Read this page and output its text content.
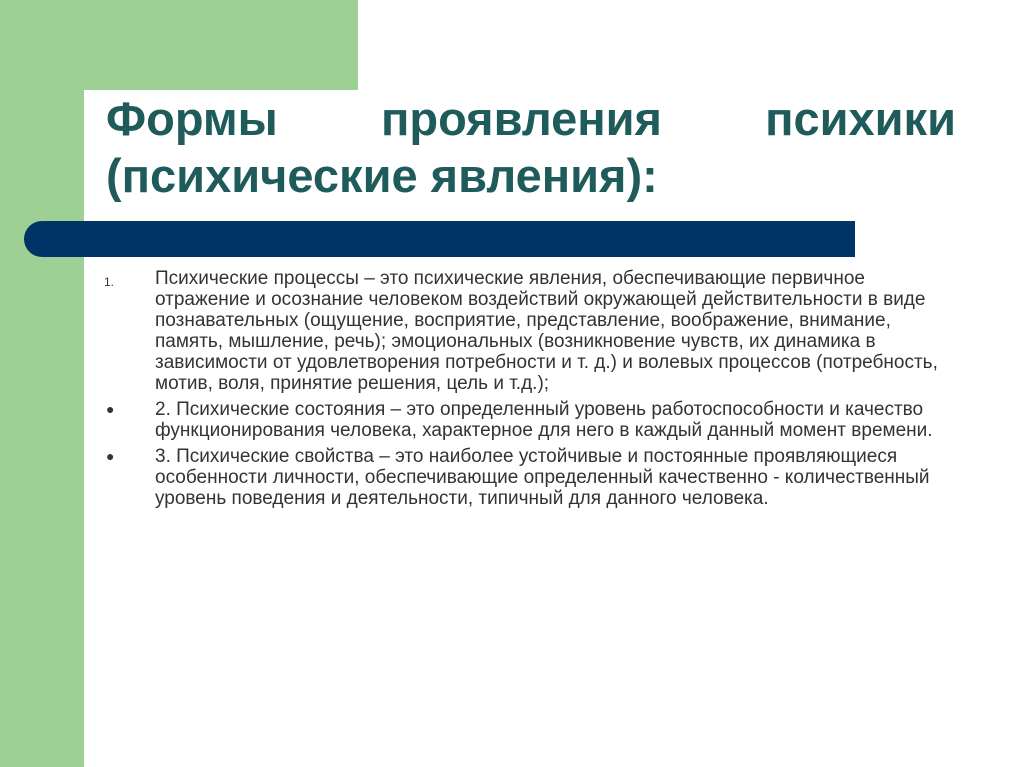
Формы проявления психики
(психические явления):
1.	Психические процессы – это психические явления, обеспечивающие первичное отражение и осознание человеком воздействий окружающей действительности в виде познавательных (ощущение, восприятие, представление, воображение, внимание, память, мышление, речь); эмоциональных (возникновение чувств, их динамика в зависимости от удовлетворения потребности и т. д.) и волевых процессов (потребность, мотив, воля, принятие решения, цель и т.д.);
●	2. Психические состояния – это определенный уровень работоспособности и качество функционирования человека, характерное для него в каждый данный момент времени.
●	3. Психические свойства – это наиболее устойчивые и постоянные проявляющиеся особенности личности, обеспечивающие определенный качественно - количественный уровень поведения и деятельности, типичный для данного человека.
